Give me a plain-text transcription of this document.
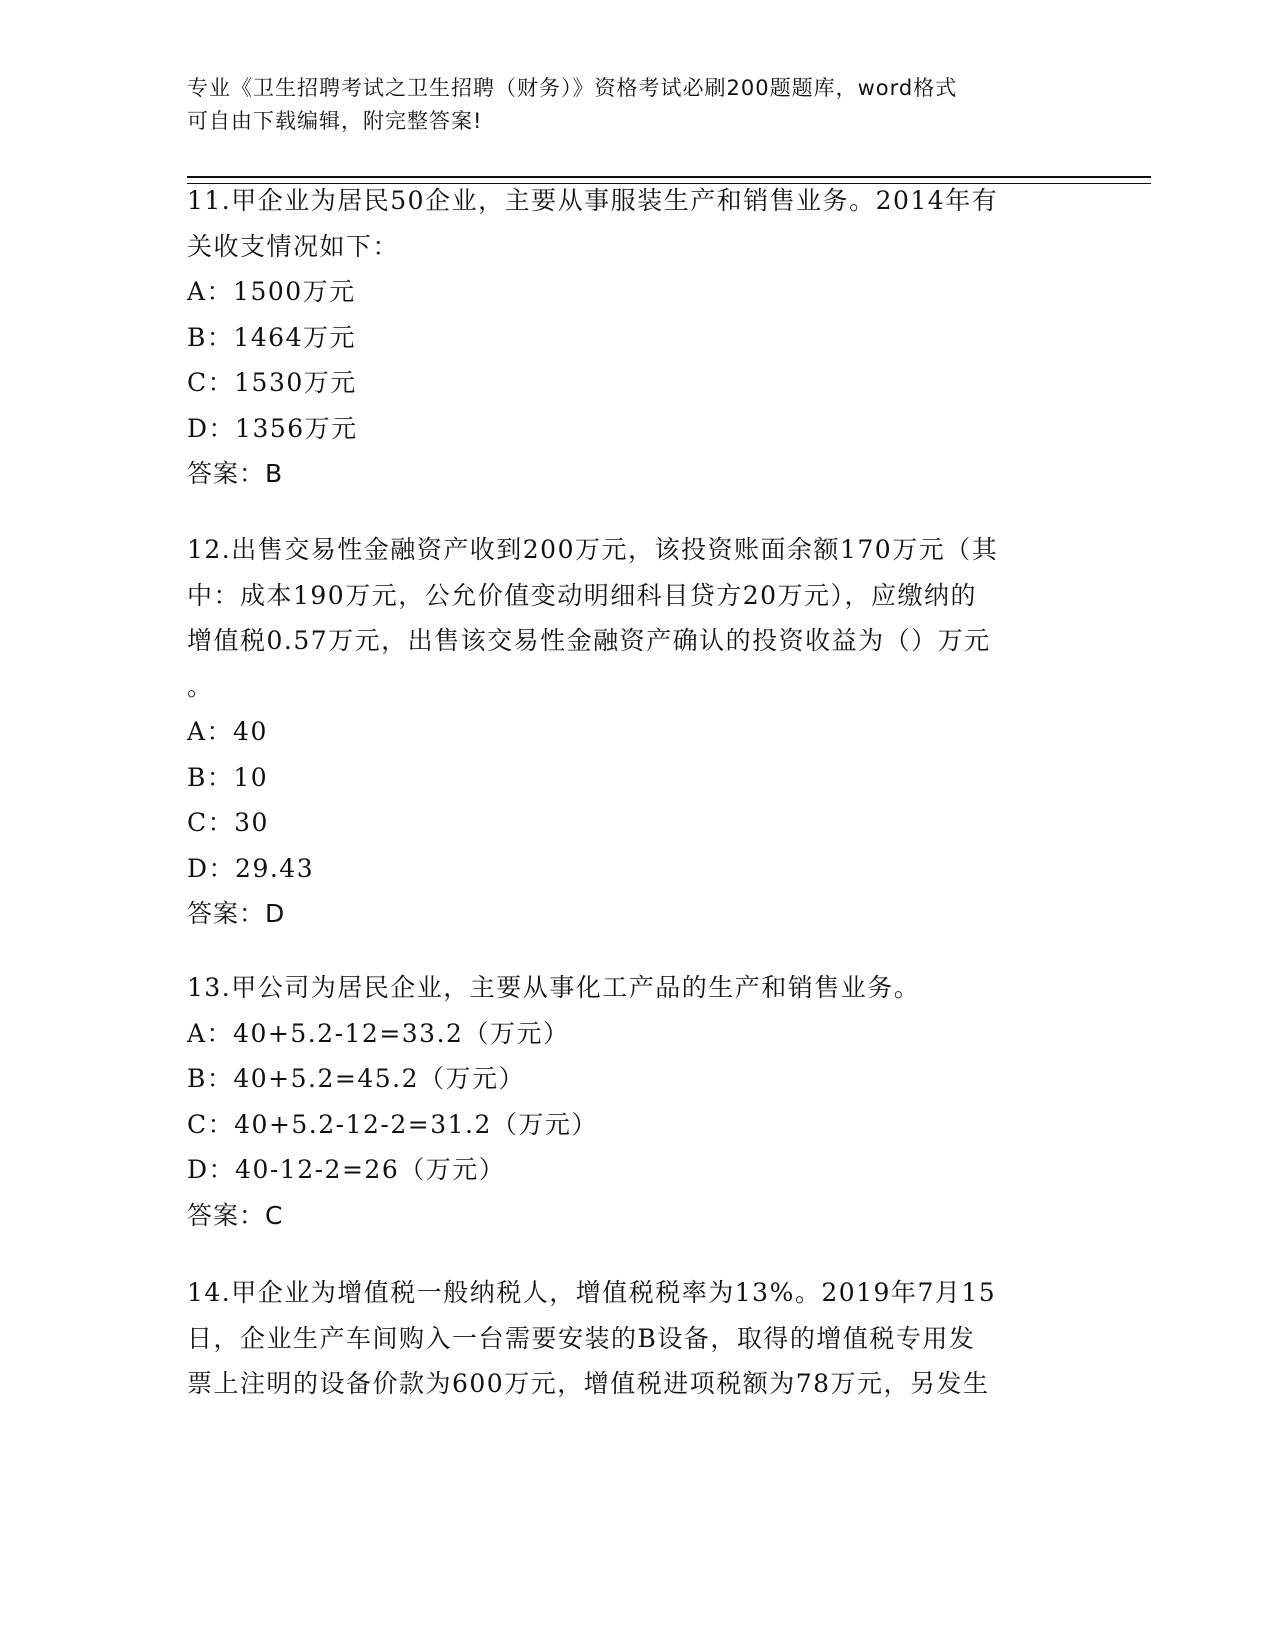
专业《卫生招聘考试之卫生招聘（财务）》资格考试必刷200题题库，word格式
可自由下载编辑，附完整答案!

11.甲企业为居民50企业，主要从事服装生产和销售业务。2014年有

关收支情况如下：

A：1500万元

B：1464万元

C：1530万元

D：1356万元

答案：B

12.出售交易性金融资产收到200万元，该投资账面余额170万元（其

中：成本190万元，公允价值变动明细科目贷方20万元），应缴纳的

增值税0.57万元，出售该交易性金融资产确认的投资收益为（）万元

。

A：40

B：10

C：30

D：29.43

答案：D

13.甲公司为居民企业，主要从事化工产品的生产和销售业务。

A：40+5.2-12=33.2（万元）

B：40+5.2=45.2（万元）

C：40+5.2-12-2=31.2（万元）

D：40-12-2=26（万元）

答案：C

14.甲企业为增值税一般纳税人，增值税税率为13%。2019年7月15

日，企业生产车间购入一台需要安装的B设备，取得的增值税专用发

票上注明的设备价款为600万元，增值税进项税额为78万元，另发生
